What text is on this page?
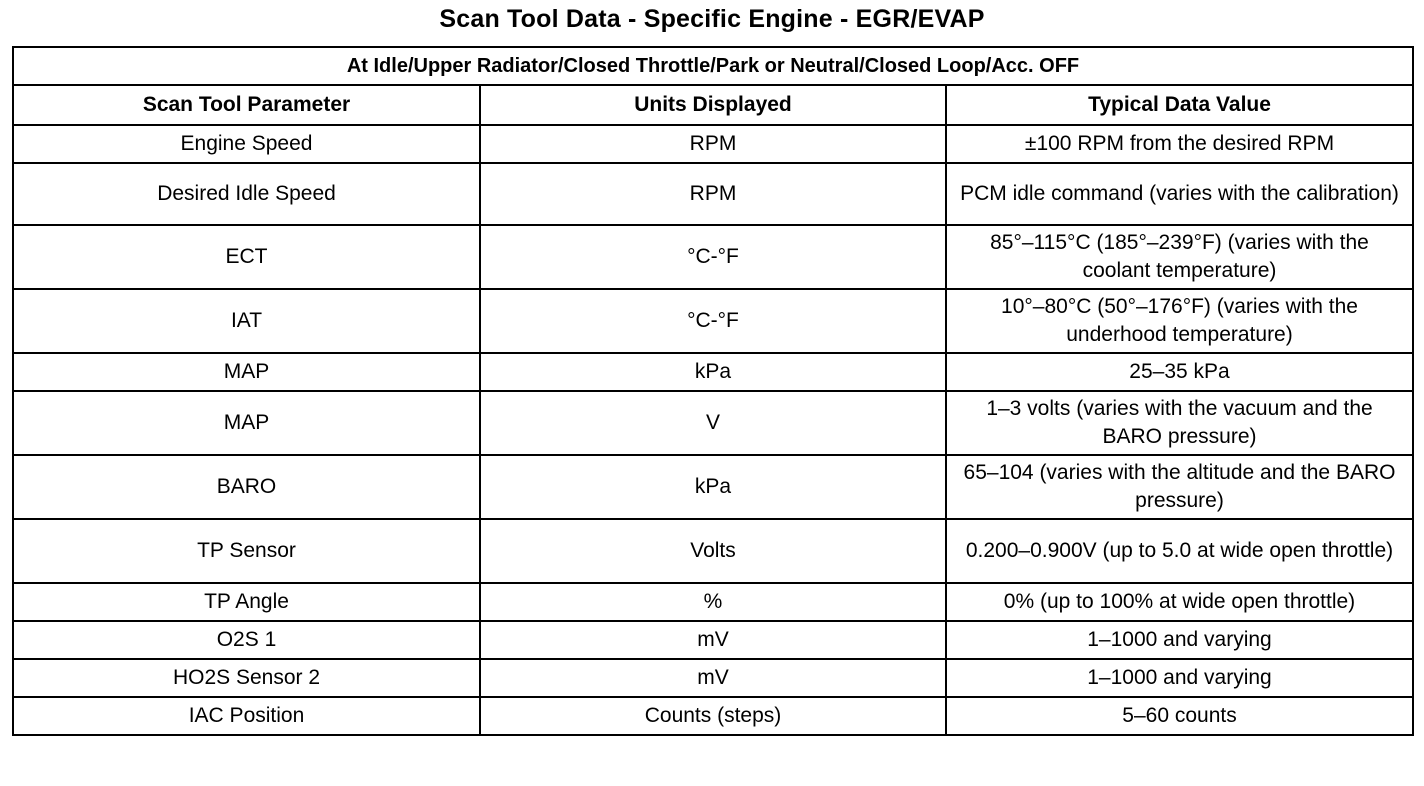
Scan Tool Data - Specific Engine - EGR/EVAP
At Idle/Upper Radiator/Closed Throttle/Park or Neutral/Closed Loop/Acc. OFF		
Scan Tool Parameter	Units Displayed	Typical Data Value
Engine Speed	RPM	±100 RPM from the desired RPM
Desired Idle Speed	RPM	PCM idle command (varies with the calibration)
ECT	°C-°F	85°–115°C (185°–239°F) (varies with the coolant temperature)
IAT	°C-°F	10°–80°C (50°–176°F) (varies with the underhood temperature)
MAP	kPa	25–35 kPa
MAP	V	1–3 volts (varies with the vacuum and the BARO pressure)
BARO	kPa	65–104 (varies with the altitude and the BARO pressure)
TP Sensor	Volts	0.200–0.900V (up to 5.0 at wide open throttle)
TP Angle	%	0% (up to 100% at wide open throttle)
O2S 1	mV	1–1000 and varying
HO2S Sensor 2	mV	1–1000 and varying
IAC Position	Counts (steps)	5–60 counts
